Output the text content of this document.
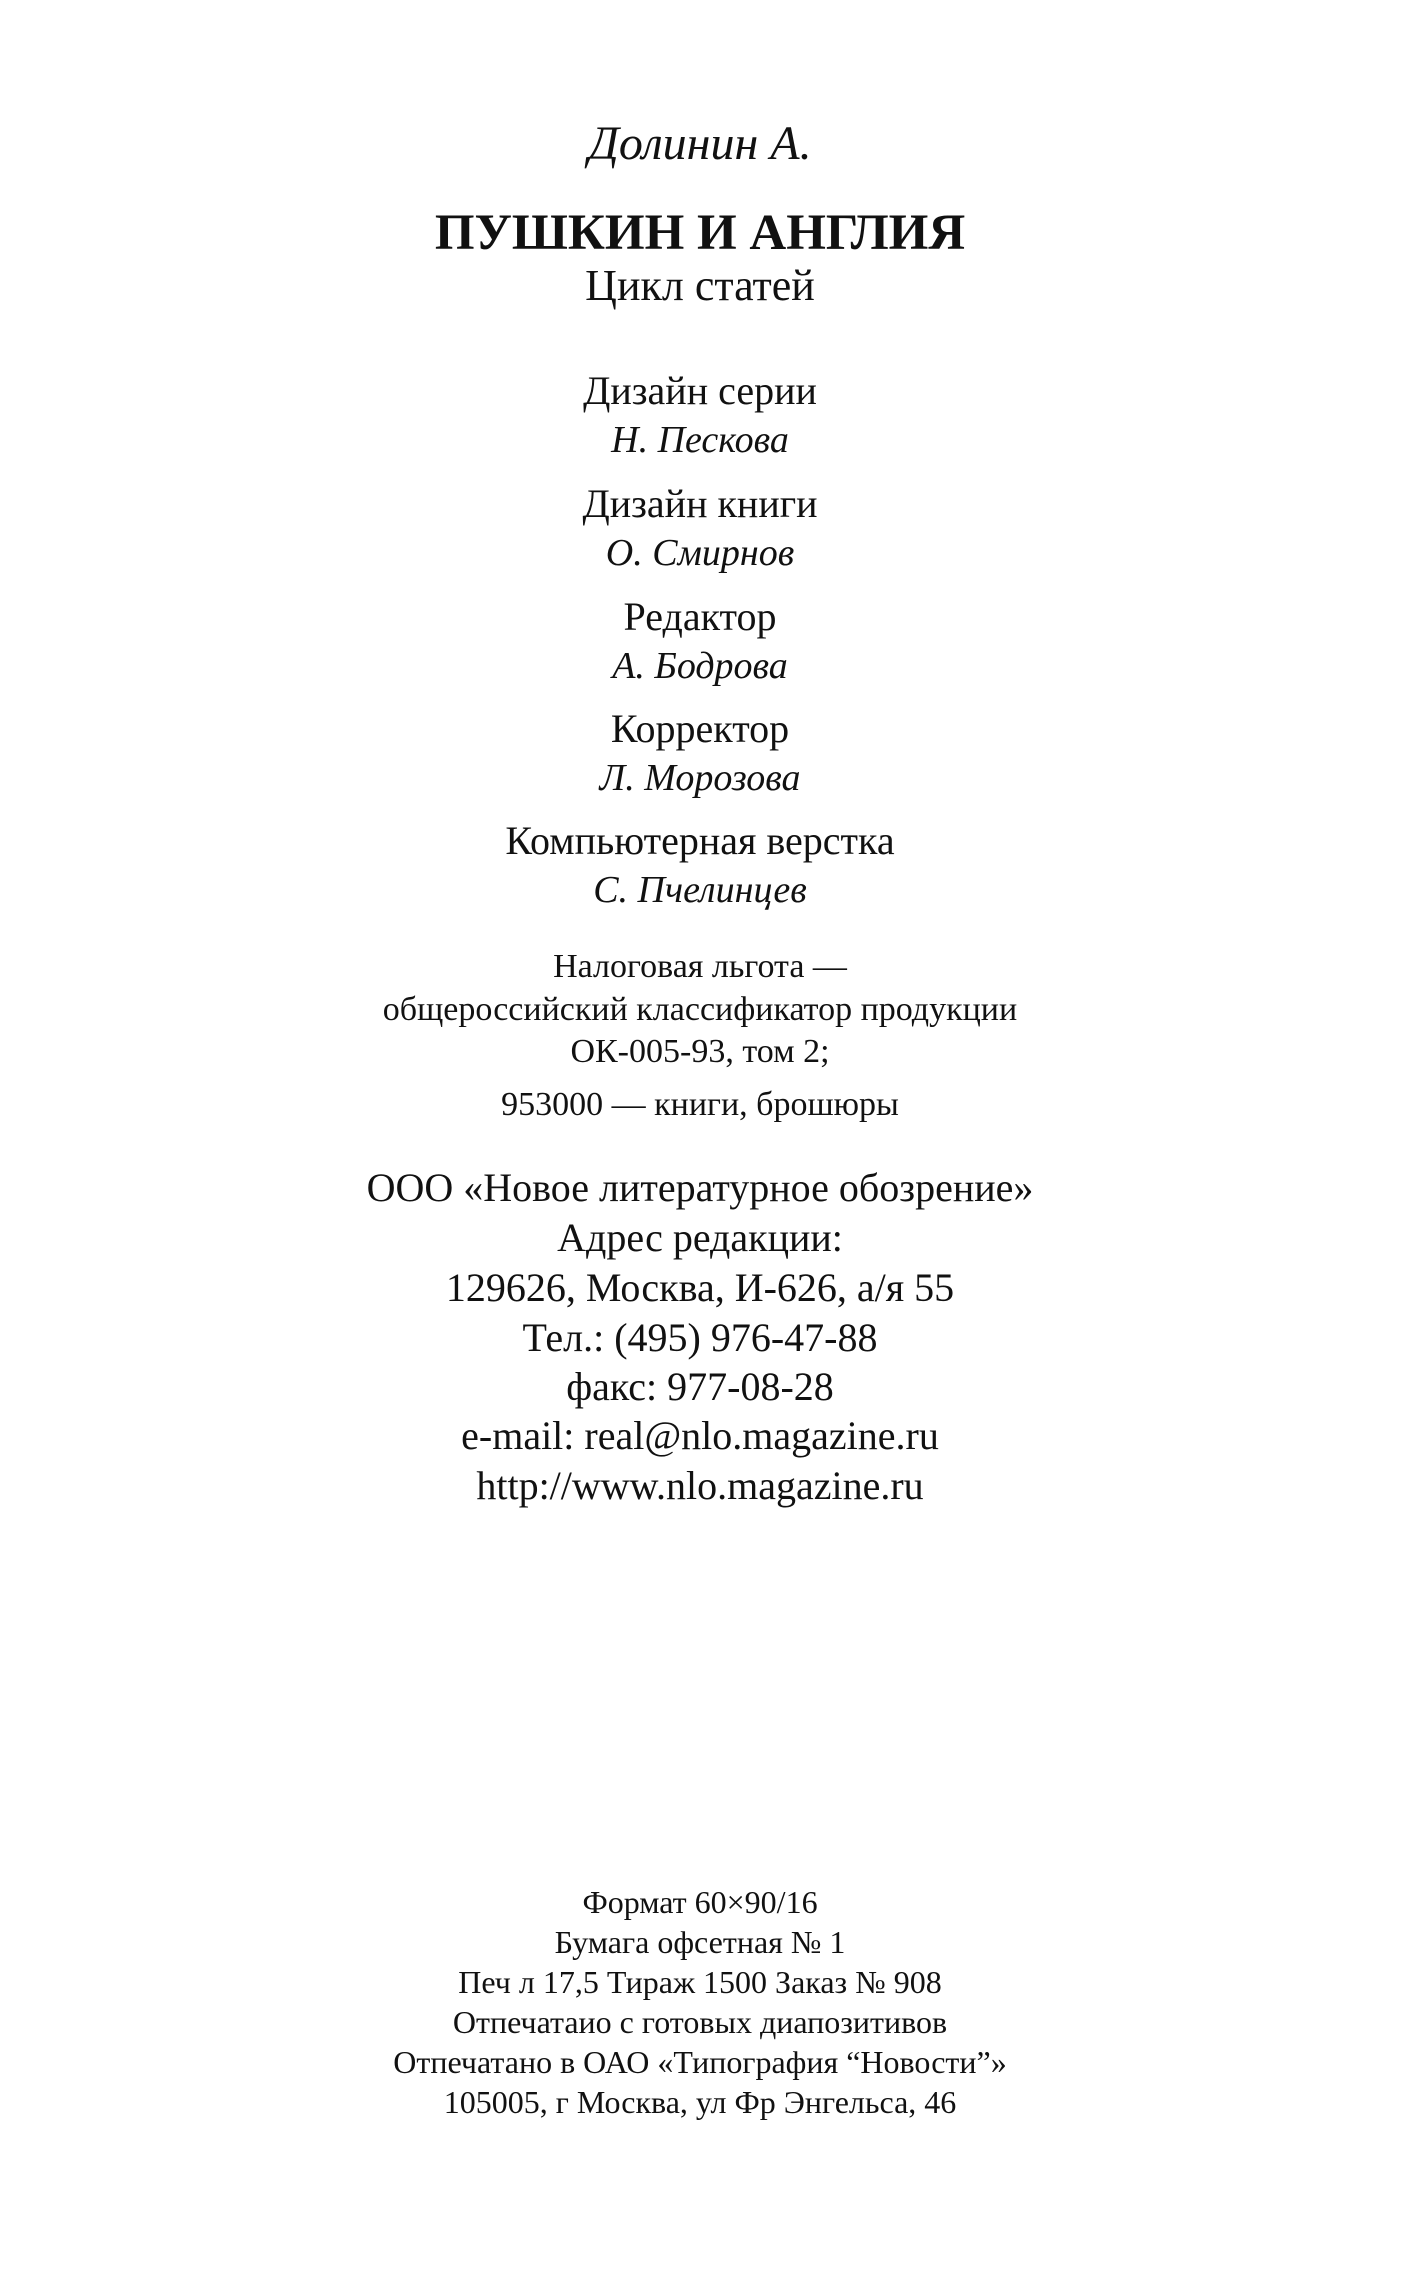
Долинин А.
ПУШКИН И АНГЛИЯ
Цикл статей
Дизайн серии
Н. Пескова
Дизайн книги
О. Смирнов
Редактор
А. Бодрова
Корректор
Л. Морозова
Компьютерная верстка
С. Пчелинцев
Налоговая льгота —
общероссийский классификатор продукции
ОК-005-93, том 2;
953000 — книги, брошюры
ООО «Новое литературное обозрение»
Адрес редакции:
129626, Москва, И-626, а/я 55
Тел.: (495) 976-47-88
факс: 977-08-28
e-mail: real@nlo.magazine.ru
http://www.nlo.magazine.ru
Формат 60×90/16
Бумага офсетная № 1
Печ л 17,5 Тираж 1500 Заказ № 908
Отпечатаио с готовых диапозитивов
Отпечатано в ОАО «Типография “Новости”»
105005, г Москва, ул Фр Энгельса, 46
